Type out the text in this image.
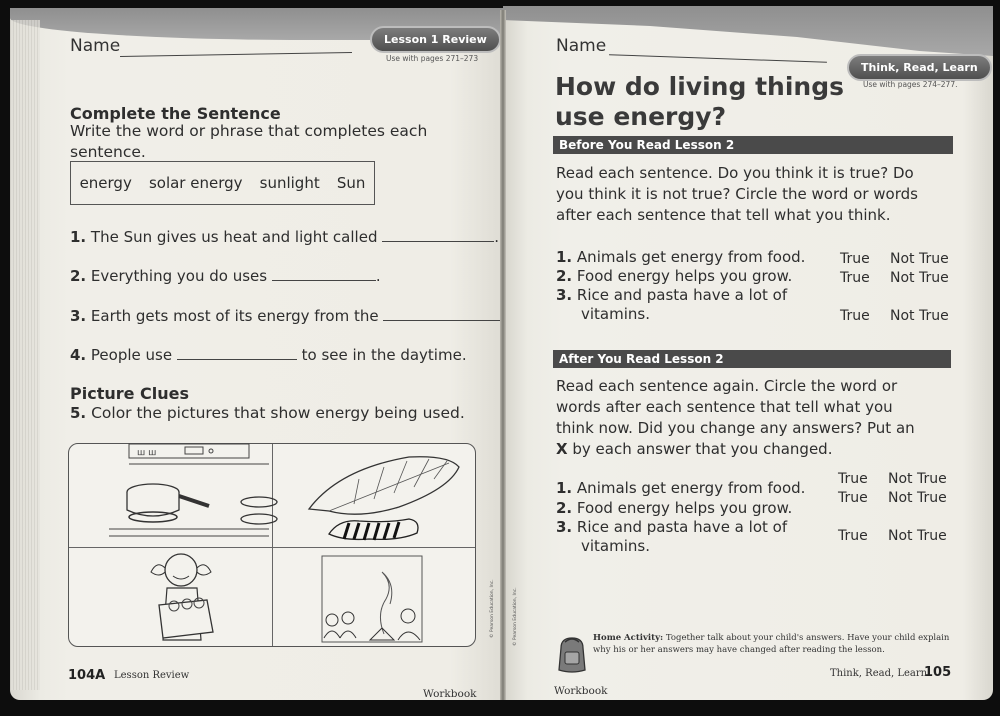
Name	Lesson 1 Review
Use with pages 271–273
Complete the Sentence
Write the word or phrase that completes each sentence.
energy solar energy sunlight Sun
1. The Sun gives us heat and light called	.
2. Everything you do uses	.
3. Earth gets most of its energy from the
4. People use	to see in the daytime.
Picture Clues
5. Color the pictures that show energy being used.
ꟺ ꟺ
© Pearson Education, Inc.
104A Lesson Review
Workbook
Name
Think, Read, Learn
Use with pages 274–277.
How do living things
use energy?
Before You Read Lesson 2
Read each sentence. Do you think it is true? Do
you think it is not true? Circle the word or words
after each sentence that tell what you think.
1. Animals get energy from food. True Not True
2. Food energy helps you grow.	True Not True
3. Rice and pasta have a lot of
vitamins.	True Not True
After You Read Lesson 2
Read each sentence again. Circle the word or
words after each sentence that tell what you
think now. Did you change any answers? Put an
X by each answer that you changed.
1. Animals get energy from food. True Not True
2. Food energy helps you grow.
True Not True
3. Rice and pasta have a lot of
vitamins.
True Not True
© Pearson Education, Inc.	Home Activity: Together talk about your child's answers. Have your child explain why his or her answers may have changed after reading the lesson.
Think, Read, Learn
105
Workbook
